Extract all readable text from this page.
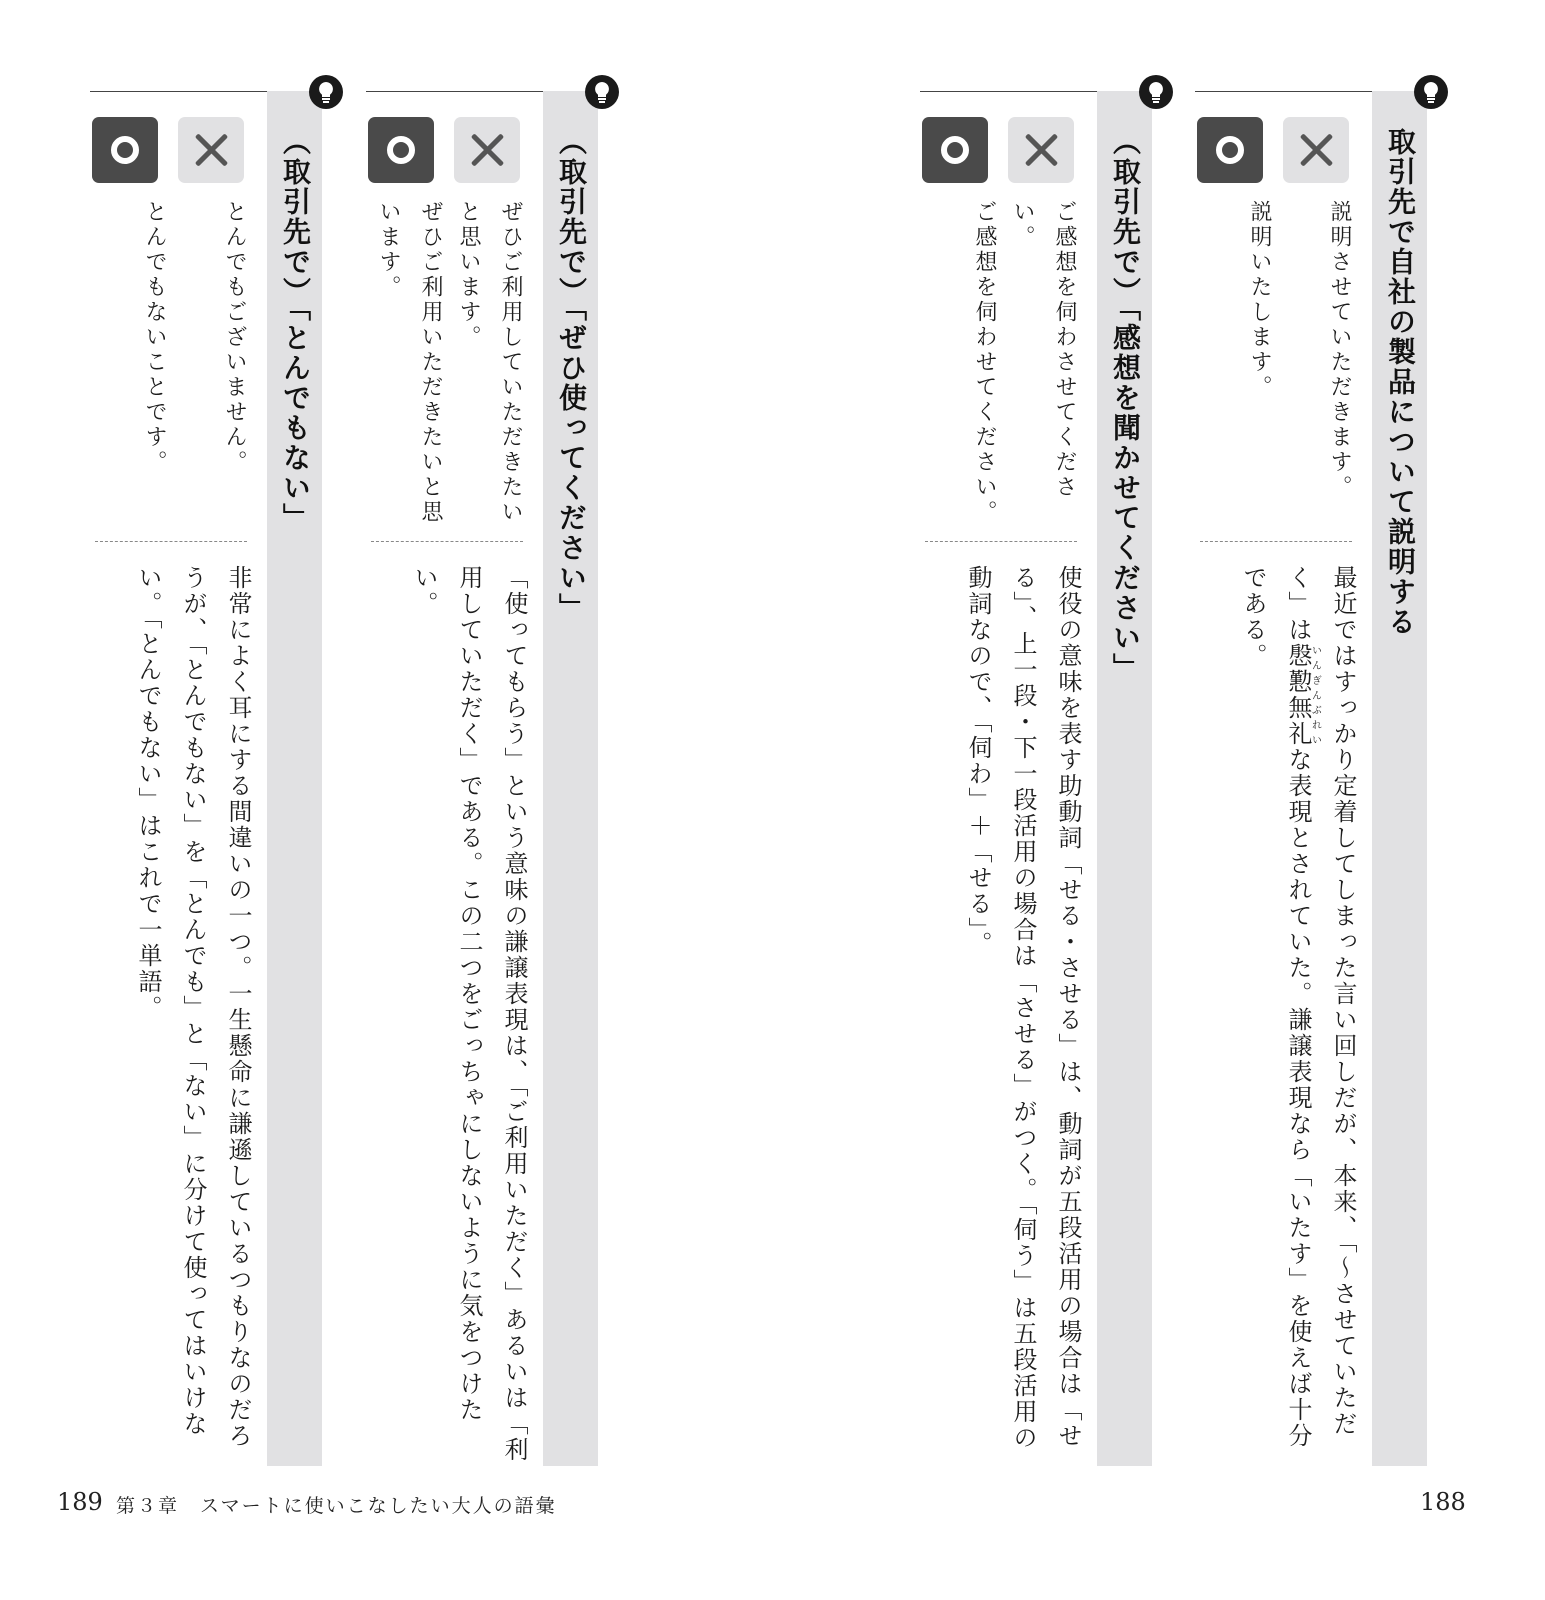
取引先で自社の製品について説明する
説明させていただきます。
説明いたします。
最近ではすっかり定着してしまった言い回しだが、本来、「～させていただく」は慇懃無礼いんぎんぶれいな表現とされていた。謙譲表現なら「いたす」を使えば十分である。
（取引先で）「感想を聞かせてください」
ご感想を伺わさせてください。
ご感想を伺わせてください。
使役の意味を表す助動詞「せる・させる」は、動詞が五段活用の場合は「せる」、上一段・下一段活用の場合は「させる」がつく。「伺う」は五段活用の動詞なので、「伺わ」＋「せる」。
188
（取引先で）「ぜひ使ってください」
ぜひご利用していただきたいと思います。
ぜひご利用いただきたいと思います。
「使ってもらう」という意味の謙譲表現は、「ご利用いただく」あるいは「利用していただく」である。この二つをごっちゃにしないように気をつけたい。
（取引先で）「とんでもない」
とんでもございません。
とんでもないことです。
非常によく耳にする間違いの一つ。一生懸命に謙遜しているつもりなのだろうが、「とんでもない」を「とんでも」と「ない」に分けて使ってはいけない。「とんでもない」はこれで一単語。
189 第３章　スマートに使いこなしたい大人の語彙
